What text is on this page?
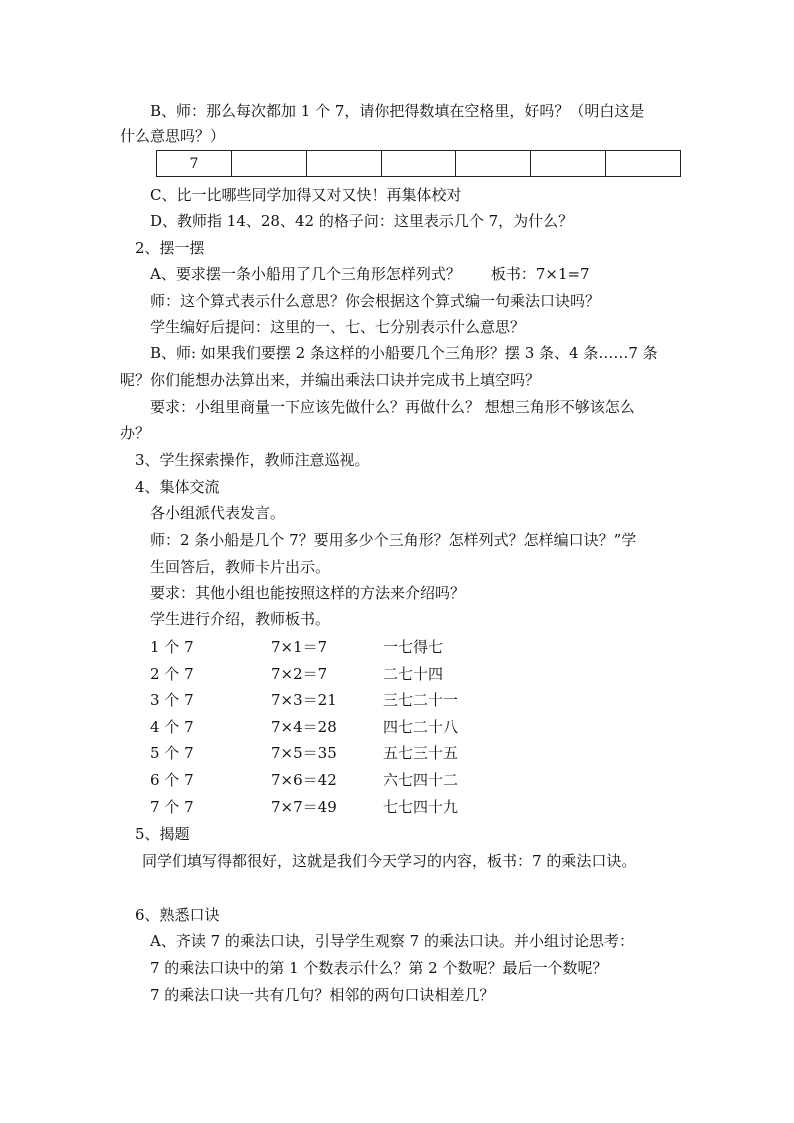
B、师：那么每次都加 1 个 7，请你把得数填在空格里，好吗？（明白这是
什么意思吗？）
7
C、比一比哪些同学加得又对又快！再集体校对
D、教师指 14、28、42 的格子问：这里表示几个 7，为什么？
2、摆一摆
A、要求摆一条小船用了几个三角形怎样列式？　　板书：7×1=7
师：这个算式表示什么意思？你会根据这个算式编一句乘法口诀吗？
学生编好后提问：这里的一、七、七分别表示什么意思？
B、师: 如果我们要摆 2 条这样的小船要几个三角形？摆 3 条、4 条……7 条
呢？你们能想办法算出来，并编出乘法口诀并完成书上填空吗？
要求：小组里商量一下应该先做什么？再做什么？ 想想三角形不够该怎么
办？
3、学生探索操作，教师注意巡视。
4、集体交流
各小组派代表发言。
师：2 条小船是几个 7？要用多少个三角形？怎样列式？怎样编口诀？”学
生回答后，教师卡片出示。
要求：其他小组也能按照这样的方法来介绍吗？
学生进行介绍，教师板书。
1 个 7	7×1＝7	一七得七
2 个 7	7×2＝7	二七十四
3 个 7	7×3＝21	三七二十一
4 个 7	7×4＝28	四七二十八
5 个 7	7×5＝35	五七三十五
6 个 7	7×6＝42	六七四十二
7 个 7	7×7＝49	七七四十九
5、揭题
同学们填写得都很好，这就是我们今天学习的内容，板书：7 的乘法口诀。
6、熟悉口诀
A、齐读 7 的乘法口诀，引导学生观察 7 的乘法口诀。并小组讨论思考：
7 的乘法口诀中的第 1 个数表示什么？第 2 个数呢？最后一个数呢？
7 的乘法口诀一共有几句？相邻的两句口诀相差几？
